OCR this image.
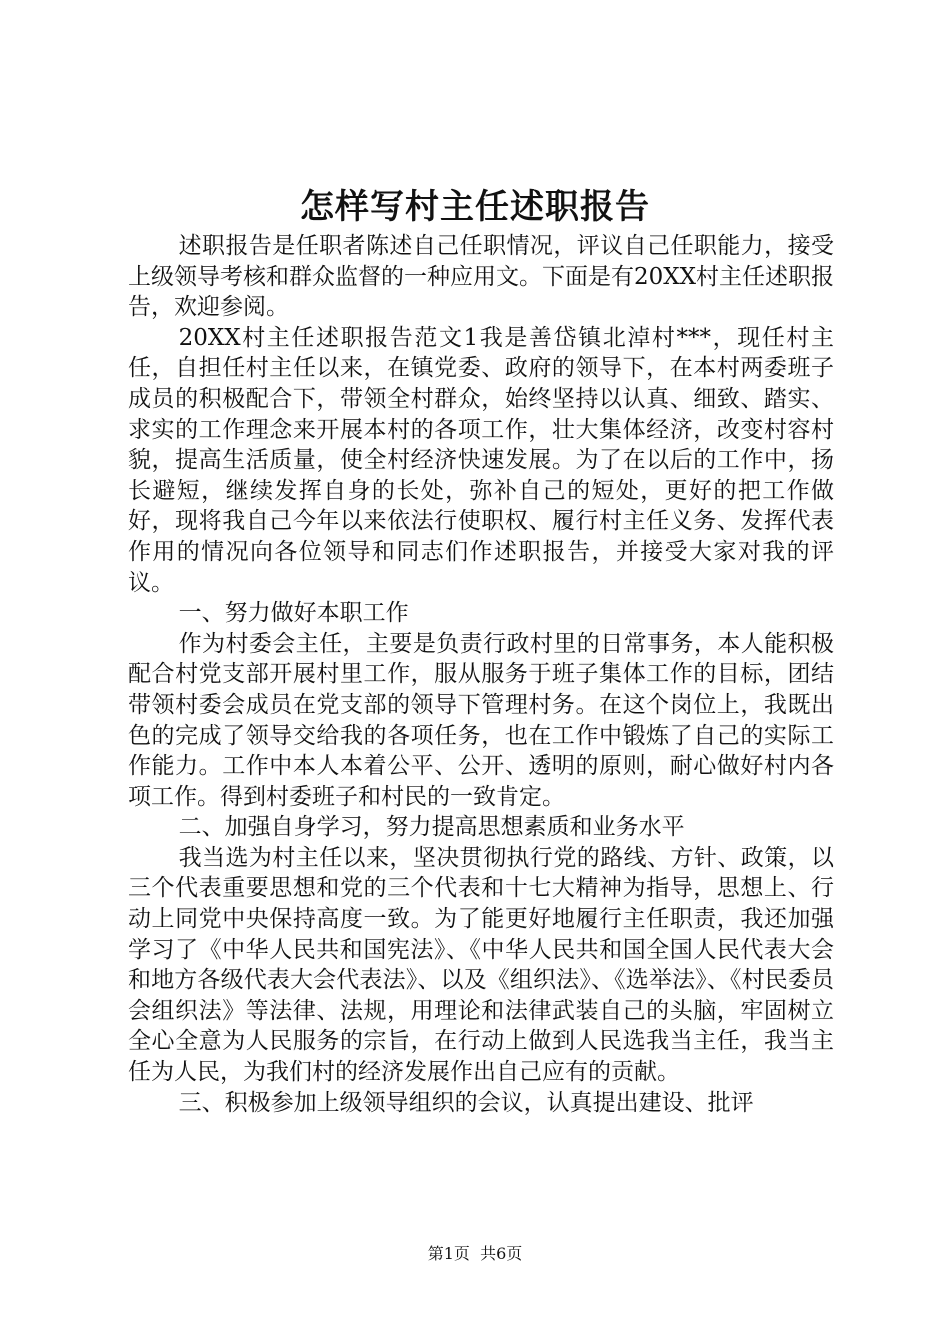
怎样写村主任述职报告

述职报告是任职者陈述自己任职情况，评议自己任职能力，接受上级领导考核和群众监督的一种应用文。下面是有20XX村主任述职报告，欢迎参阅。

20XX村主任述职报告范文1我是善岱镇北淖村***，现任村主任，自担任村主任以来，在镇党委、政府的领导下，在本村两委班子成员的积极配合下，带领全村群众，始终坚持以认真、细致、踏实、求实的工作理念来开展本村的各项工作，壮大集体经济，改变村容村貌，提高生活质量，使全村经济快速发展。为了在以后的工作中，扬长避短，继续发挥自身的长处，弥补自己的短处，更好的把工作做好，现将我自己今年以来依法行使职权、履行村主任义务、发挥代表作用的情况向各位领导和同志们作述职报告，并接受大家对我的评议。

一、努力做好本职工作

作为村委会主任，主要是负责行政村里的日常事务，本人能积极配合村党支部开展村里工作，服从服务于班子集体工作的目标，团结带领村委会成员在党支部的领导下管理村务。在这个岗位上，我既出色的完成了领导交给我的各项任务，也在工作中锻炼了自己的实际工作能力。工作中本人本着公平、公开、透明的原则，耐心做好村内各项工作。得到村委班子和村民的一致肯定。

二、加强自身学习，努力提高思想素质和业务水平

我当选为村主任以来，坚决贯彻执行党的路线、方针、政策，以三个代表重要思想和党的三个代表和十七大精神为指导，思想上、行动上同党中央保持高度一致。为了能更好地履行主任职责，我还加强学习了《中华人民共和国宪法》、《中华人民共和国全国人民代表大会和地方各级代表大会代表法》、以及《组织法》、《选举法》、《村民委员会组织法》等法律、法规，用理论和法律武装自己的头脑，牢固树立全心全意为人民服务的宗旨，在行动上做到人民选我当主任，我当主任为人民，为我们村的经济发展作出自己应有的贡献。

三、积极参加上级领导组织的会议，认真提出建设、批评

第1页 共6页
